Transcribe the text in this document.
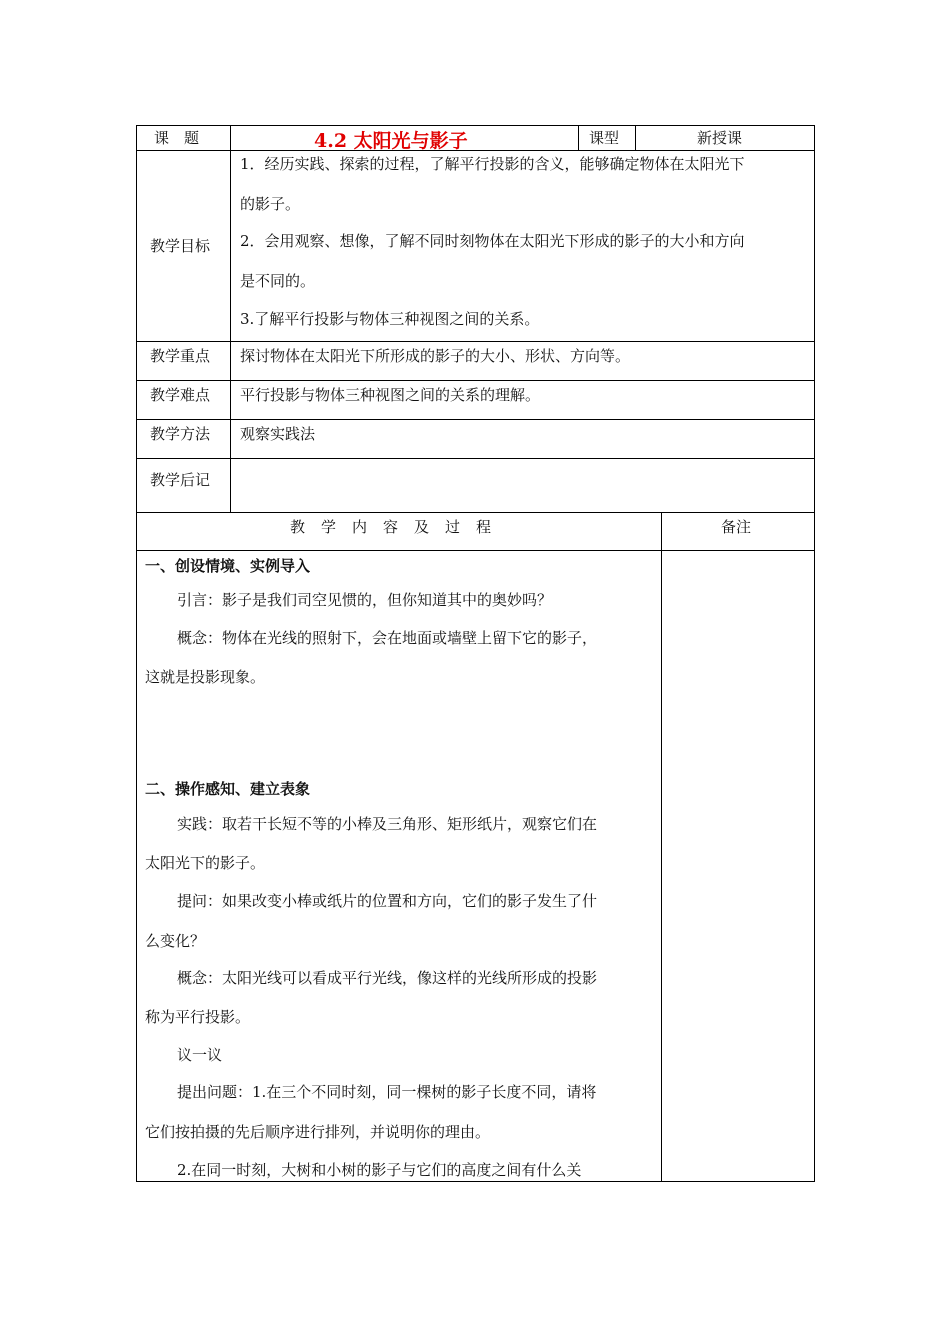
课　题	4.2 太阳光与影子	课型	新授课
教学目标
1．经历实践、探索的过程，了解平行投影的含义，能够确定物体在太阳光下
的影子。
2．会用观察、想像，了解不同时刻物体在太阳光下形成的影子的大小和方向
是不同的。
3.了解平行投影与物体三种视图之间的关系。
教学重点 探讨物体在太阳光下所形成的影子的大小、形状、方向等。
教学难点 平行投影与物体三种视图之间的关系的理解。
教学方法 观察实践法
教学后记
教学内容及过程	备注
一、创设情境、实例导入
引言：影子是我们司空见惯的，但你知道其中的奥妙吗？
概念：物体在光线的照射下，会在地面或墙壁上留下它的影子，
这就是投影现象。
二、操作感知、建立表象
实践：取若干长短不等的小棒及三角形、矩形纸片，观察它们在
太阳光下的影子。
提问：如果改变小棒或纸片的位置和方向，它们的影子发生了什
么变化？
概念：太阳光线可以看成平行光线，像这样的光线所形成的投影
称为平行投影。
议一议
提出问题：1.在三个不同时刻，同一棵树的影子长度不同，请将
它们按拍摄的先后顺序进行排列，并说明你的理由。
2.在同一时刻，大树和小树的影子与它们的高度之间有什么关
